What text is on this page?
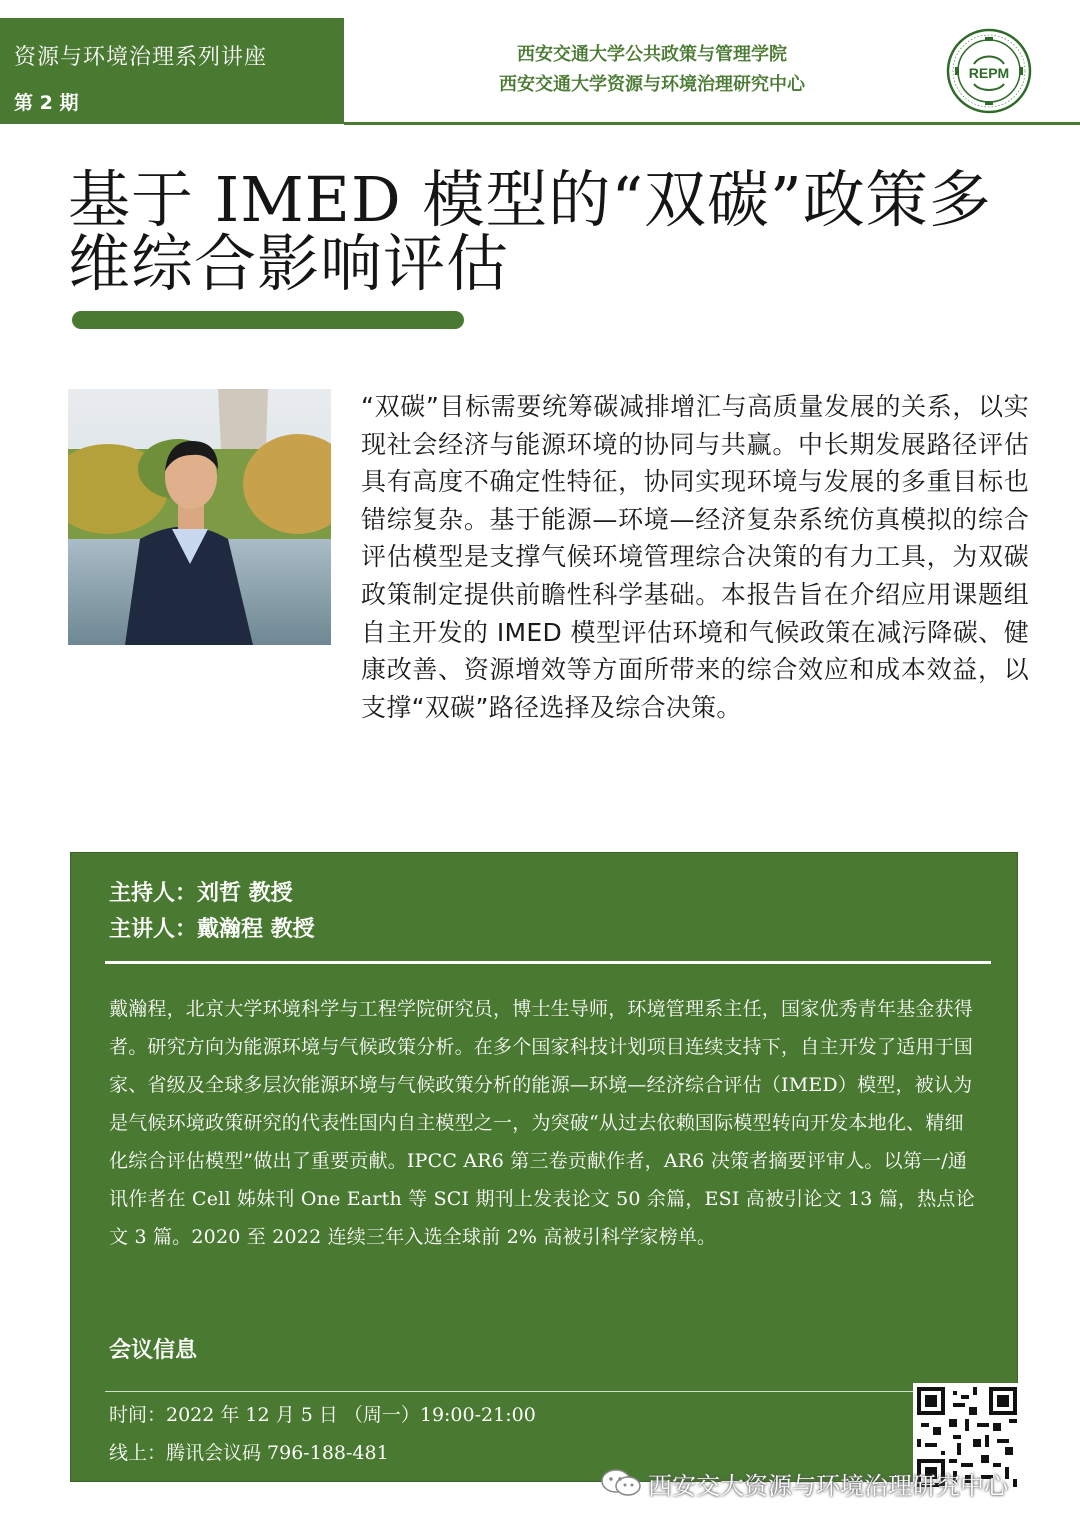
资源与环境治理系列讲座
第 2 期
西安交通大学公共政策与管理学院
西安交通大学资源与环境治理研究中心
REPM
基于 IMED 模型的“双碳”政策多
维综合影响评估
“双碳”目标需要统筹碳减排增汇与高质量发展的关系，以实现社会经济与能源环境的协同与共赢。中长期发展路径评估具有高度不确定性特征，协同实现环境与发展的多重目标也错综复杂。基于能源—环境—经济复杂系统仿真模拟的综合评估模型是支撑气候环境管理综合决策的有力工具，为双碳政策制定提供前瞻性科学基础。本报告旨在介绍应用课题组自主开发的 IMED 模型评估环境和气候政策在减污降碳、健康改善、资源增效等方面所带来的综合效应和成本效益，以支撑“双碳”路径选择及综合决策。
主持人：刘哲 教授
主讲人：戴瀚程 教授
戴瀚程，北京大学环境科学与工程学院研究员，博士生导师，环境管理系主任，国家优秀青年基金获得者。研究方向为能源环境与气候政策分析。在多个国家科技计划项目连续支持下，自主开发了适用于国家、省级及全球多层次能源环境与气候政策分析的能源—环境—经济综合评估（IMED）模型，被认为是气候环境政策研究的代表性国内自主模型之一，为突破“从过去依赖国际模型转向开发本地化、精细化综合评估模型”做出了重要贡献。IPCC AR6 第三卷贡献作者，AR6 决策者摘要评审人。以第一/通讯作者在 Cell 姊妹刊 One Earth 等 SCI 期刊上发表论文 50 余篇，ESI 高被引论文 13 篇，热点论文 3 篇。2020 至 2022 连续三年入选全球前 2% 高被引科学家榜单。
会议信息
时间：2022 年 12 月 5 日 （周一）19:00-21:00
线上：腾讯会议码 796-188-481
西安交大资源与环境治理研究中心
